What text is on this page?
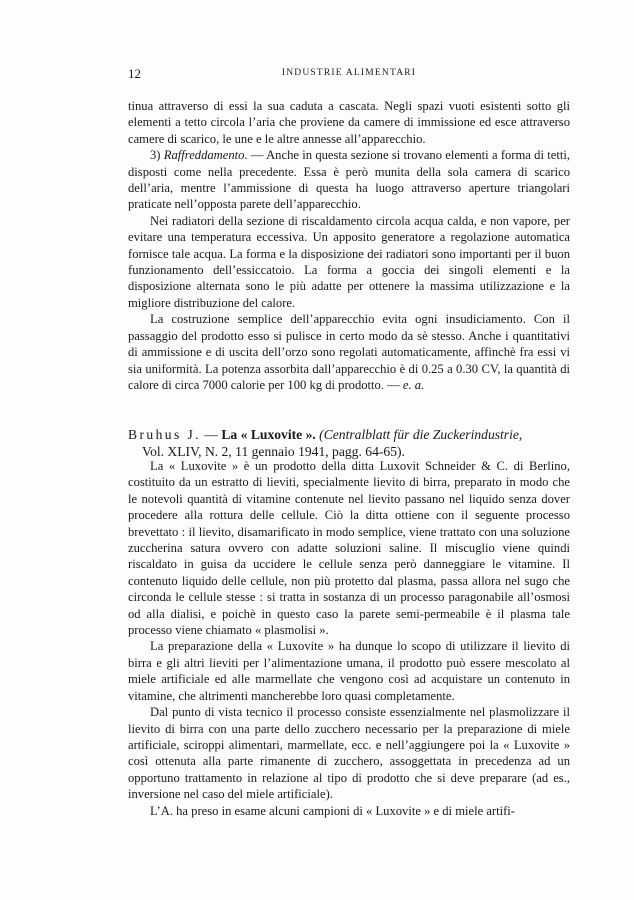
12	INDUSTRIE ALIMENTARI

tinua attraverso di essi la sua caduta a cascata. Negli spazi vuoti esistenti sotto gli elementi a tetto circola l’aria che proviene da camere di immissione ed esce attraverso camere di scarico, le une e le altre annesse all’apparecchio.

3) Raffreddamento. — Anche in questa sezione si trovano elementi a forma di tetti, disposti come nella precedente. Essa è però munita della sola camera di scarico dell’aria, mentre l’ammissione di questa ha luogo attraverso aperture triangolari praticate nell’opposta parete dell’apparecchio.

Nei radiatori della sezione di riscaldamento circola acqua calda, e non vapore, per evitare una temperatura eccessiva. Un apposito generatore a regolazione automatica fornisce tale acqua. La forma e la disposizione dei radiatori sono importanti per il buon funzionamento dell’essiccatoio. La forma a goccia dei singoli elementi e la disposizione alternata sono le più adatte per ottenere la massima utilizzazione e la migliore distribuzione del calore.

La costruzione semplice dell’apparecchio evita ogni insudiciamento. Con il passaggio del prodotto esso si pulisce in certo modo da sè stesso. Anche i quantitativi di ammissione e di uscita dell’orzo sono regolati automaticamente, affinchè fra essi vi sia uniformità. La potenza assorbita dall’apparecchio è di 0.25 a 0.30 CV, la quantità di calore di circa 7000 calorie per 100 kg di prodotto. — e. a.

Bruhus J. — La « Luxovite ». (Centralblatt für die Zuckerindustrie,
Vol. XLIV, N. 2, 11 gennaio 1941, pagg. 64-65).

La « Luxovite » è un prodotto della ditta Luxovit Schneider & C. di Berlino, costituito da un estratto di lieviti, specialmente lievito di birra, preparato in modo che le notevoli quantità di vitamine contenute nel lievito passano nel liquido senza dover procedere alla rottura delle cellule. Ciò la ditta ottiene con il seguente processo brevettato : il lievito, disamarificato in modo semplice, viene trattato con una soluzione zuccherina satura ovvero con adatte soluzioni saline. Il miscuglio viene quindi riscaldato in guisa da uccidere le cellule senza però danneggiare le vitamine. Il contenuto liquido delle cellule, non più protetto dal plasma, passa allora nel sugo che circonda le cellule stesse : si tratta in sostanza di un processo paragonabile all’osmosi od alla dialisi, e poichè in questo caso la parete semi-permeabile è il plasma tale processo viene chiamato « plasmolisi ».

La preparazione della « Luxovite » ha dunque lo scopo di utilizzare il lievito di birra e gli altri lieviti per l’alimentazione umana, il prodotto può essere mescolato al miele artificiale ed alle marmellate che vengono così ad acquistare un contenuto in vitamine, che altrimenti mancherebbe loro quasi completamente.

Dal punto di vista tecnico il processo consiste essenzialmente nel plasmolizzare il lievito di birra con una parte dello zucchero necessario per la preparazione di miele artificiale, sciroppi alimentari, marmellate, ecc. e nell’aggiungere poi la « Luxovite » così ottenuta alla parte rimanente di zucchero, assoggettata in precedenza ad un opportuno trattamento in relazione al tipo di prodotto che si deve preparare (ad es., inversione nel caso del miele artificiale).

L’A. ha preso in esame alcuni campioni di « Luxovite » e di miele artifi-
